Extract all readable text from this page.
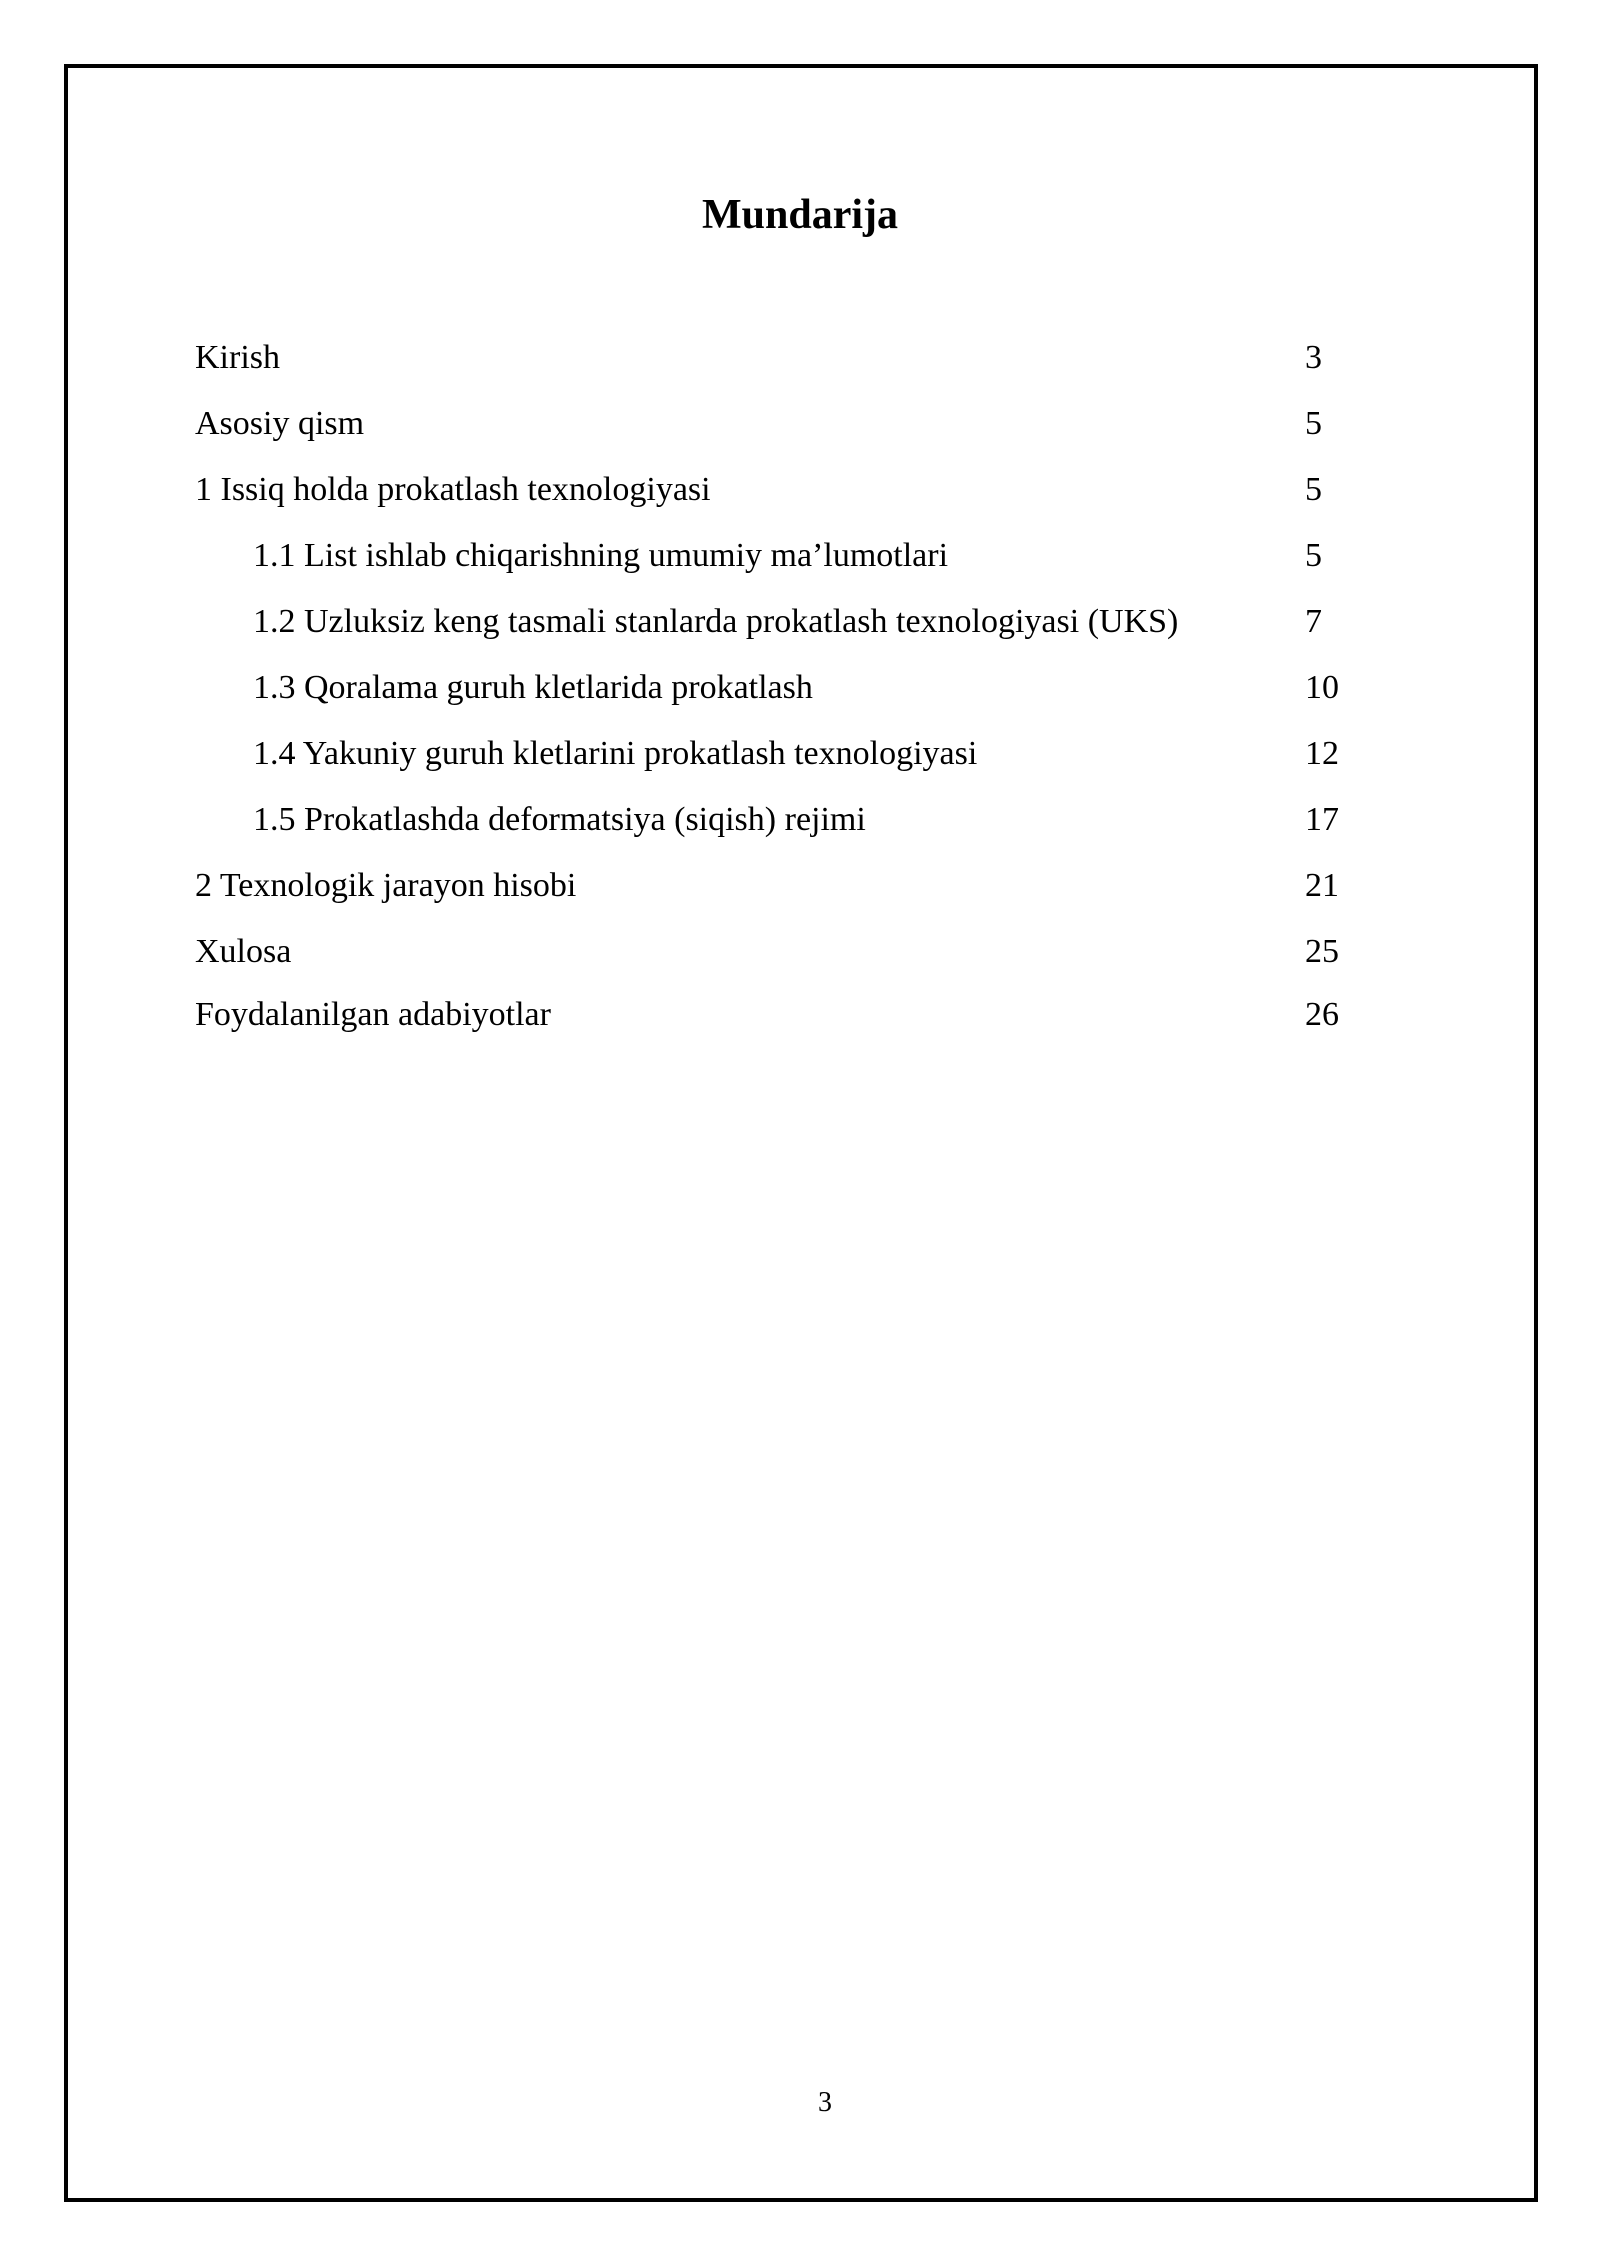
Mundarija
Kirish	3
Asosiy qism	5
1 Issiq holda prokatlash texnologiyasi	5
1.1 List ishlab chiqarishning umumiy ma’lumotlari	5
1.2 Uzluksiz keng tasmali stanlarda prokatlash texnologiyasi (UKS)	7
1.3 Qoralama guruh kletlarida prokatlash	10
1.4 Yakuniy guruh kletlarini prokatlash texnologiyasi	12
1.5 Prokatlashda deformatsiya (siqish) rejimi	17
2 Texnologik jarayon hisobi	21
Xulosa	25
Foydalanilgan adabiyotlar	26
3
